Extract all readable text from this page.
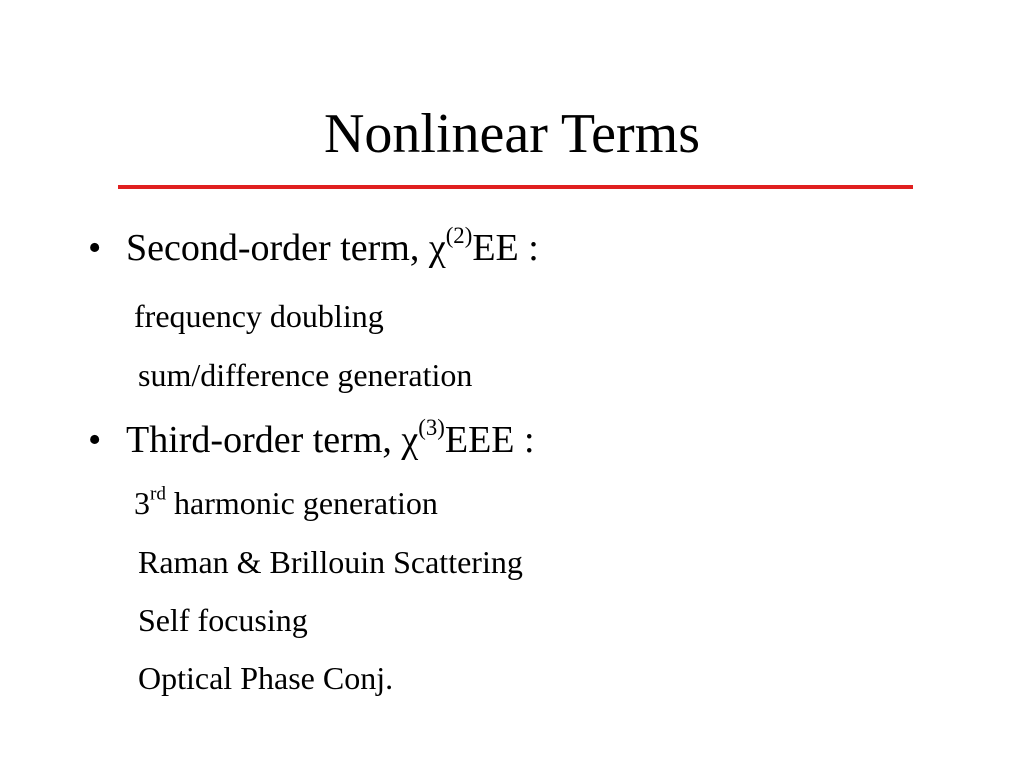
Nonlinear Terms
• Second-order term, $\chi^{(2)}EE$ :
frequency doubling
sum/difference generation
• Third-order term, $\chi^{(3)}EEE$ :
3rd harmonic generation
Raman & Brillouin Scattering
Self focusing
Optical Phase Conj.
